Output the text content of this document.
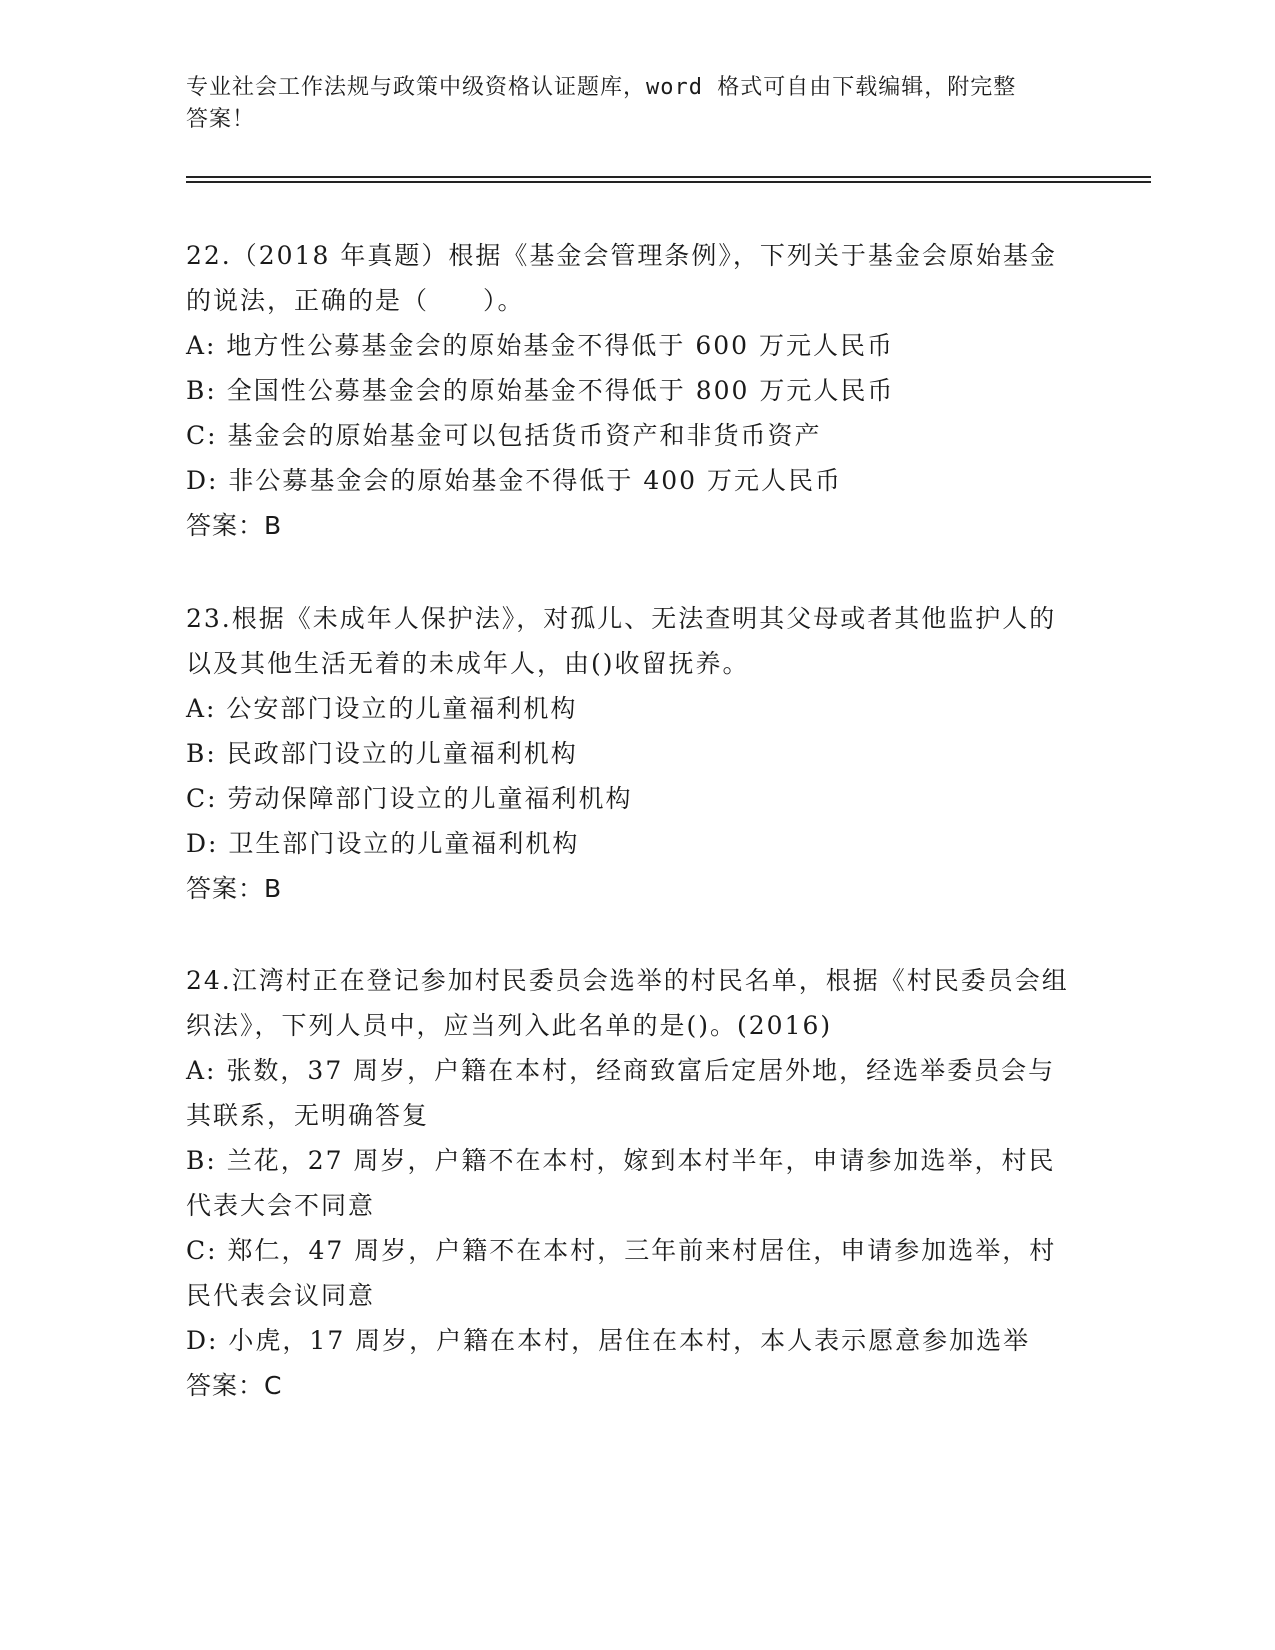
专业社会工作法规与政策中级资格认证题库，word 格式可自由下载编辑，附完整
答案！

22.（2018 年真题）根据《基金会管理条例》，下列关于基金会原始基金的说法，正确的是（　　）。

A: 地方性公募基金会的原始基金不得低于 600 万元人民币

B: 全国性公募基金会的原始基金不得低于 800 万元人民币

C: 基金会的原始基金可以包括货币资产和非货币资产

D: 非公募基金会的原始基金不得低于 400 万元人民币

答案：B

23.根据《未成年人保护法》，对孤儿、无法查明其父母或者其他监护人的以及其他生活无着的未成年人，由()收留抚养。

A: 公安部门设立的儿童福利机构

B: 民政部门设立的儿童福利机构

C: 劳动保障部门设立的儿童福利机构

D: 卫生部门设立的儿童福利机构

答案：B

24.江湾村正在登记参加村民委员会选举的村民名单，根据《村民委员会组织法》，下列人员中，应当列入此名单的是()。(2016)

A: 张数，37 周岁，户籍在本村，经商致富后定居外地，经选举委员会与其联系，无明确答复

B: 兰花，27 周岁，户籍不在本村，嫁到本村半年，申请参加选举，村民代表大会不同意

C: 郑仁，47 周岁，户籍不在本村，三年前来村居住，申请参加选举，村民代表会议同意

D: 小虎，17 周岁，户籍在本村，居住在本村，本人表示愿意参加选举

答案：C
